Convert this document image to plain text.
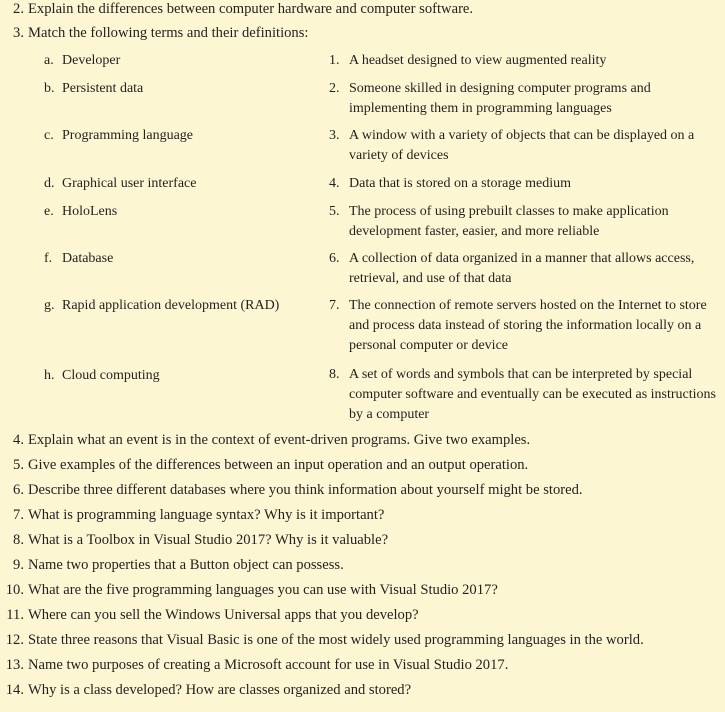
2. Explain the differences between computer hardware and computer software.
3. Match the following terms and their definitions:
a. Developer
b. Persistent data
c. Programming language
d. Graphical user interface
e. HoloLens
f. Database
g. Rapid application development (RAD)
h. Cloud computing
1. A headset designed to view augmented reality
2. Someone skilled in designing computer programs and implementing them in programming languages
3. A window with a variety of objects that can be displayed on a variety of devices
4. Data that is stored on a storage medium
5. The process of using prebuilt classes to make application development faster, easier, and more reliable
6. A collection of data organized in a manner that allows access, retrieval, and use of that data
7. The connection of remote servers hosted on the Internet to store and process data instead of storing the information locally on a personal computer or device
8. A set of words and symbols that can be interpreted by special computer software and eventually can be executed as instructions by a computer
4. Explain what an event is in the context of event-driven programs. Give two examples.
5. Give examples of the differences between an input operation and an output operation.
6. Describe three different databases where you think information about yourself might be stored.
7. What is programming language syntax? Why is it important?
8. What is a Toolbox in Visual Studio 2017? Why is it valuable?
9. Name two properties that a Button object can possess.
10. What are the five programming languages you can use with Visual Studio 2017?
11. Where can you sell the Windows Universal apps that you develop?
12. State three reasons that Visual Basic is one of the most widely used programming languages in the world.
13. Name two purposes of creating a Microsoft account for use in Visual Studio 2017.
14. Why is a class developed? How are classes organized and stored?
